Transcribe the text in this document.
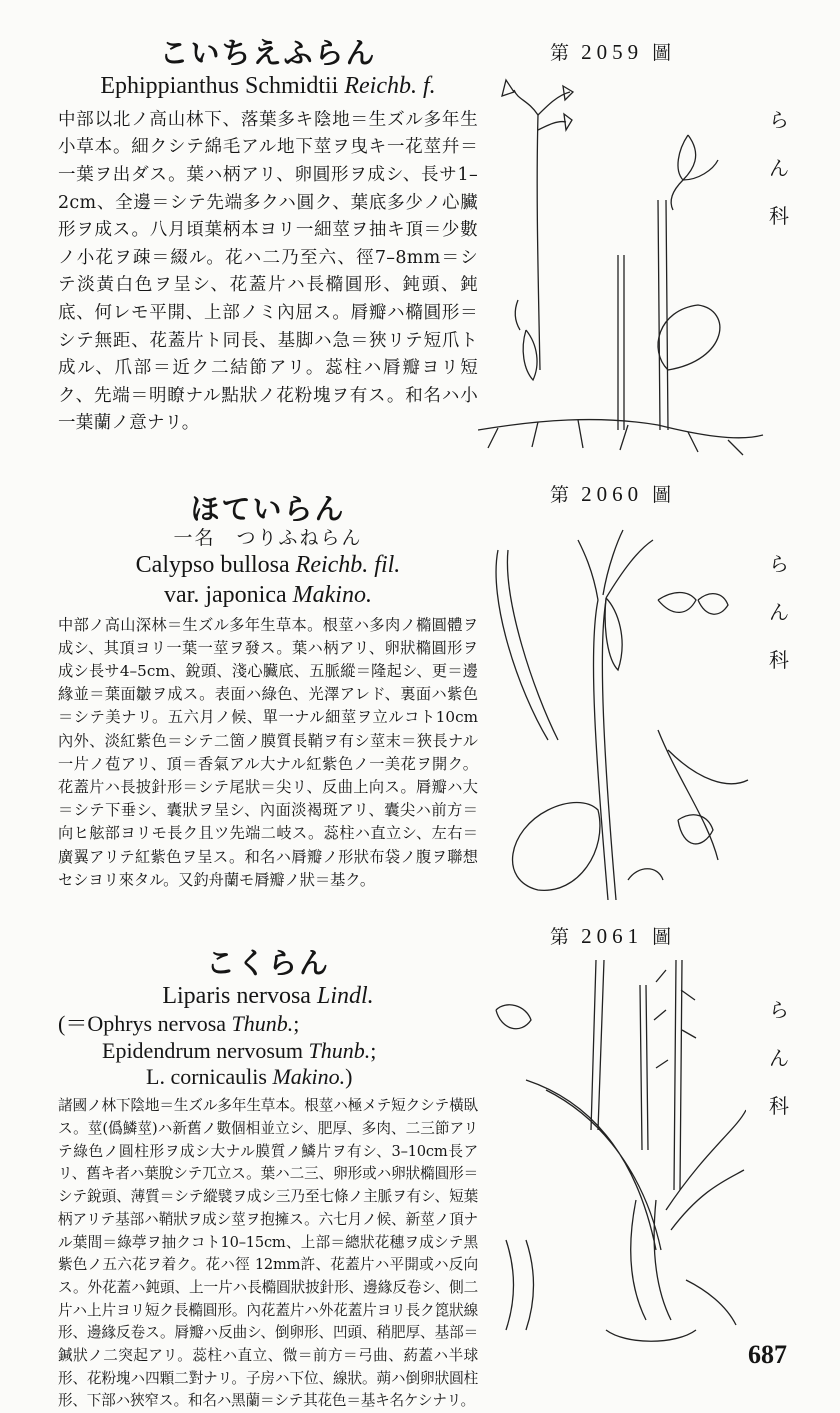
こいちえふらん
Ephippianthus Schmidtii Reichb. f.
中部以北ノ高山林下、落葉多キ陰地＝生ズル多年生小草本。細クシテ綿毛アル地下莖ヲ曳キ一花莖幷＝一葉ヲ出ダス。葉ハ柄アリ、卵圓形ヲ成シ、長サ1–2cm、全邊＝シテ先端多クハ圓ク、葉底多少ノ心臟形ヲ成ス。八月頃葉柄本ヨリ一細莖ヲ抽キ頂＝少數ノ小花ヲ疎＝綴ル。花ハ二乃至六、徑7–8mm＝シテ淡黃白色ヲ呈シ、花蓋片ハ長橢圓形、鈍頭、鈍底、何レモ平開、上部ノミ內屈ス。脣瓣ハ橢圓形＝シテ無距、花蓋片ト同長、基脚ハ急＝狹リテ短爪ト成ル、爪部＝近ク二結節アリ。蕊柱ハ脣瓣ヨリ短ク、先端＝明瞭ナル點狀ノ花粉塊ヲ有ス。和名ハ小一葉蘭ノ意ナリ。
第 2059 圖
ら
ん
科
ほていらん
一名　つりふねらん
Calypso bullosa Reichb. fil.
var. japonica Makino.
中部ノ高山深林＝生ズル多年生草本。根莖ハ多肉ノ橢圓體ヲ成シ、其頂ヨリ一葉一莖ヲ發ス。葉ハ柄アリ、卵狀橢圓形ヲ成シ長サ4–5cm、銳頭、淺心臟底、五脈縱＝隆起シ、更＝邊緣並＝葉面皺ヲ成ス。表面ハ綠色、光澤アレド、裏面ハ紫色＝シテ美ナリ。五六月ノ候、單一ナル細莖ヲ立ルコト10cm內外、淡紅紫色＝シテ二箇ノ膜質長鞘ヲ有シ莖末＝狹長ナル一片ノ苞アリ、頂＝香氣アル大ナル紅紫色ノ一美花ヲ開ク。花蓋片ハ長披針形＝シテ尾狀＝尖リ、反曲上向ス。脣瓣ハ大＝シテ下垂シ、囊狀ヲ呈シ、內面淡褐斑アリ、囊尖ハ前方＝向ヒ舷部ヨリモ長ク且ツ先端二岐ス。蕊柱ハ直立シ、左右＝廣翼アリテ紅紫色ヲ呈ス。和名ハ脣瓣ノ形狀布袋ノ腹ヲ聯想セシヨリ來タル。又釣舟蘭モ脣瓣ノ狀＝基ク。
第 2060 圖
ら
ん
科
こくらん
Liparis nervosa Lindl.
(＝Ophrys nervosa Thunb.;
Epidendrum nervosum Thunb.;
L. cornicaulis Makino.)
諸國ノ林下陰地＝生ズル多年生草本。根莖ハ極メテ短クシテ橫臥ス。莖(僞鱗莖)ハ新舊ノ數個相並立シ、肥厚、多肉、二三節アリテ綠色ノ圓柱形ヲ成シ大ナル膜質ノ鱗片ヲ有シ、3–10cm長アリ、舊キ者ハ葉脫シテ兀立ス。葉ハ二三、卵形或ハ卵狀橢圓形＝シテ銳頭、薄質＝シテ縱襞ヲ成シ三乃至七條ノ主脈ヲ有シ、短葉柄アリテ基部ハ鞘狀ヲ成シ莖ヲ抱擁ス。六七月ノ候、新莖ノ頂ナル葉間＝綠葶ヲ抽クコト10–15cm、上部＝總狀花穗ヲ成シテ黑紫色ノ五六花ヲ着ク。花ハ徑 12mm許、花蓋片ハ平開或ハ反向ス。外花蓋ハ鈍頭、上一片ハ長橢圓狀披針形、邊緣反卷シ、側二片ハ上片ヨリ短ク長橢圓形。內花蓋片ハ外花蓋片ヨリ長ク箆狀線形、邊緣反卷ス。脣瓣ハ反曲シ、倒卵形、凹頭、稍肥厚、基部＝鍼狀ノ二突起アリ。蕊柱ハ直立、微＝前方＝弓曲、葯蓋ハ半球形、花粉塊ハ四顆二對ナリ。子房ハ下位、線狀。蒴ハ倒卵狀圓柱形、下部ハ狹窄ス。和名ハ黑蘭＝シテ其花色＝基キ名ケシナリ。
第 2061 圖
ら
ん
科
687
